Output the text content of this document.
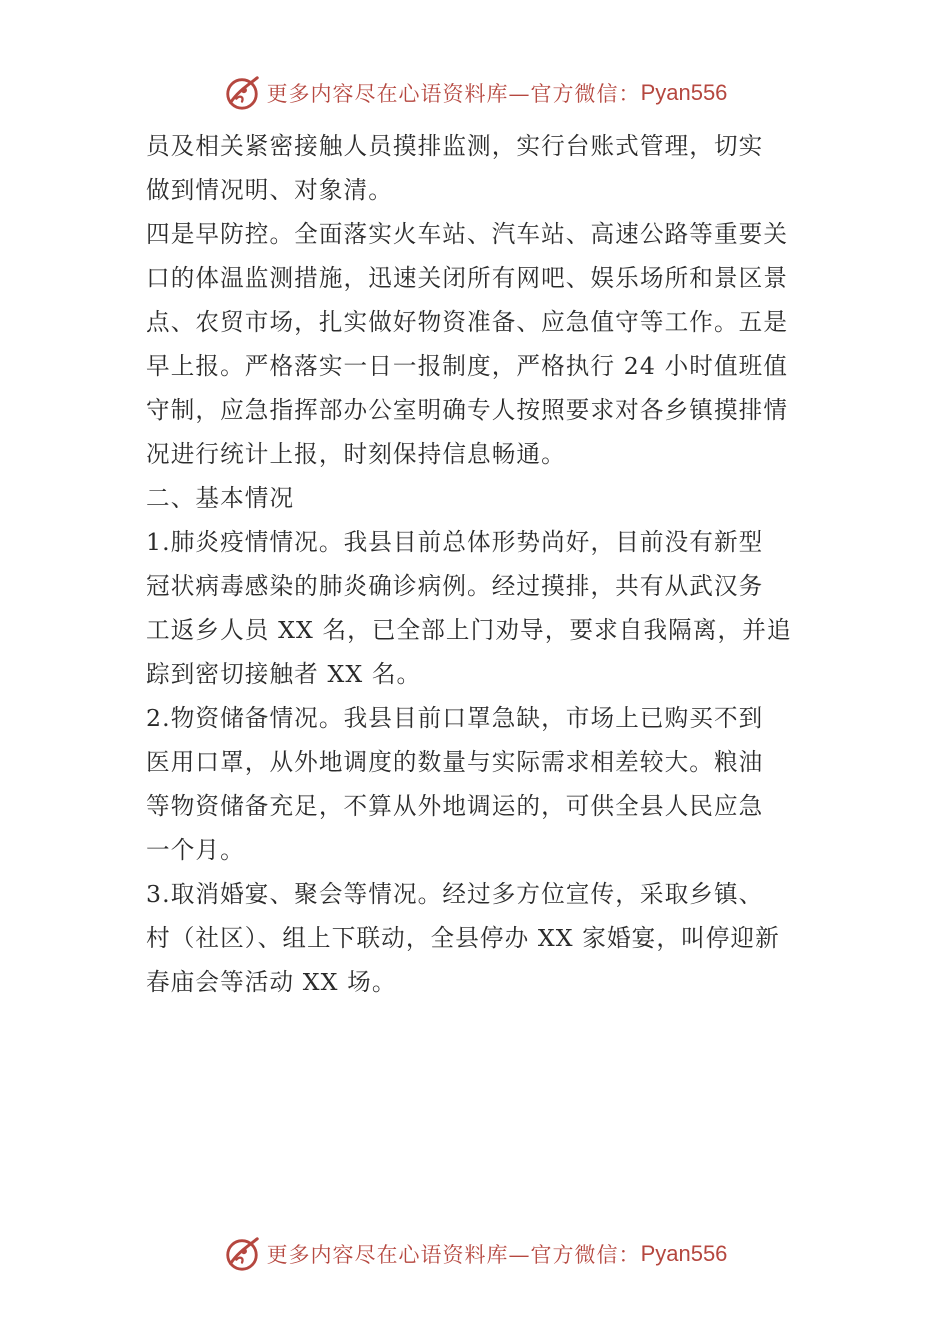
更多内容尽在心语资料库—官方微信： Pyan556
员及相关紧密接触人员摸排监测，实行台账式管理，切实
做到情况明、对象清。
四是早防控。全面落实火车站、汽车站、高速公路等重要关
口的体温监测措施，迅速关闭所有网吧、娱乐场所和景区景
点、农贸市场，扎实做好物资准备、应急值守等工作。五是
早上报。严格落实一日一报制度，严格执行 24 小时值班值
守制，应急指挥部办公室明确专人按照要求对各乡镇摸排情
况进行统计上报，时刻保持信息畅通。
二、基本情况
1.肺炎疫情情况。我县目前总体形势尚好，目前没有新型
冠状病毒感染的肺炎确诊病例。经过摸排，共有从武汉务
工返乡人员 XX 名，已全部上门劝导，要求自我隔离，并追
踪到密切接触者 XX 名。
2.物资储备情况。我县目前口罩急缺，市场上已购买不到
医用口罩，从外地调度的数量与实际需求相差较大。粮油
等物资储备充足，不算从外地调运的，可供全县人民应急
一个月。
3.取消婚宴、聚会等情况。经过多方位宣传，采取乡镇、
村（社区）、组上下联动，全县停办 XX 家婚宴，叫停迎新
春庙会等活动 XX 场。
更多内容尽在心语资料库—官方微信： Pyan556
